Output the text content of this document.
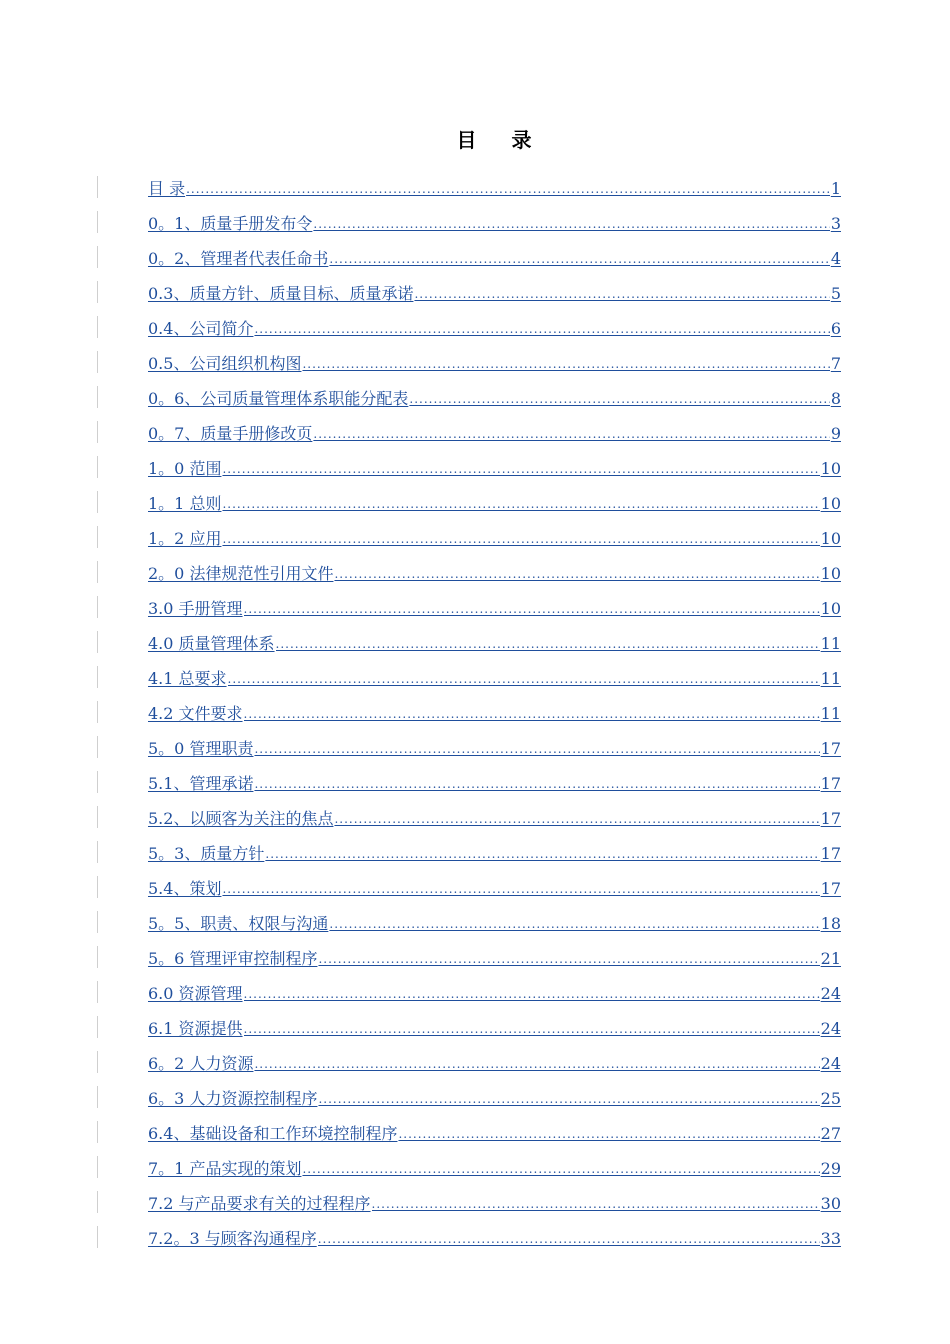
目 录
目 录 .....	1
0。1、质量手册发布令 .....	3
0。2、管理者代表任命书 .....	4
0.3、质量方针、质量目标、质量承诺 .....	5
0.4、公司简介 .....	6
0.5、公司组织机构图 .....	7
0。6、公司质量管理体系职能分配表 .....	8
0。7、质量手册修改页 .....	9
1。0 范围 .....	10
1。1 总则 .....	10
1。2 应用 .....	10
2。0 法律规范性引用文件 .....	10
3.0 手册管理 .....	10
4.0 质量管理体系 .....	11
4.1 总要求 .....	11
4.2 文件要求 .....	11
5。0 管理职责 .....	17
5.1、管理承诺 .....	17
5.2、以顾客为关注的焦点 .....	17
5。3、质量方针 .....	17
5.4、策划 .....	17
5。5、职责、权限与沟通 .....	18
5。6 管理评审控制程序 .....	21
6.0 资源管理 .....	24
6.1 资源提供 .....	24
6。2 人力资源 .....	24
6。3 人力资源控制程序 .....	25
6.4、基础设备和工作环境控制程序 .....	27
7。1 产品实现的策划 .....	29
7.2 与产品要求有关的过程程序 .....	30
7.2。3 与顾客沟通程序 .....	33
